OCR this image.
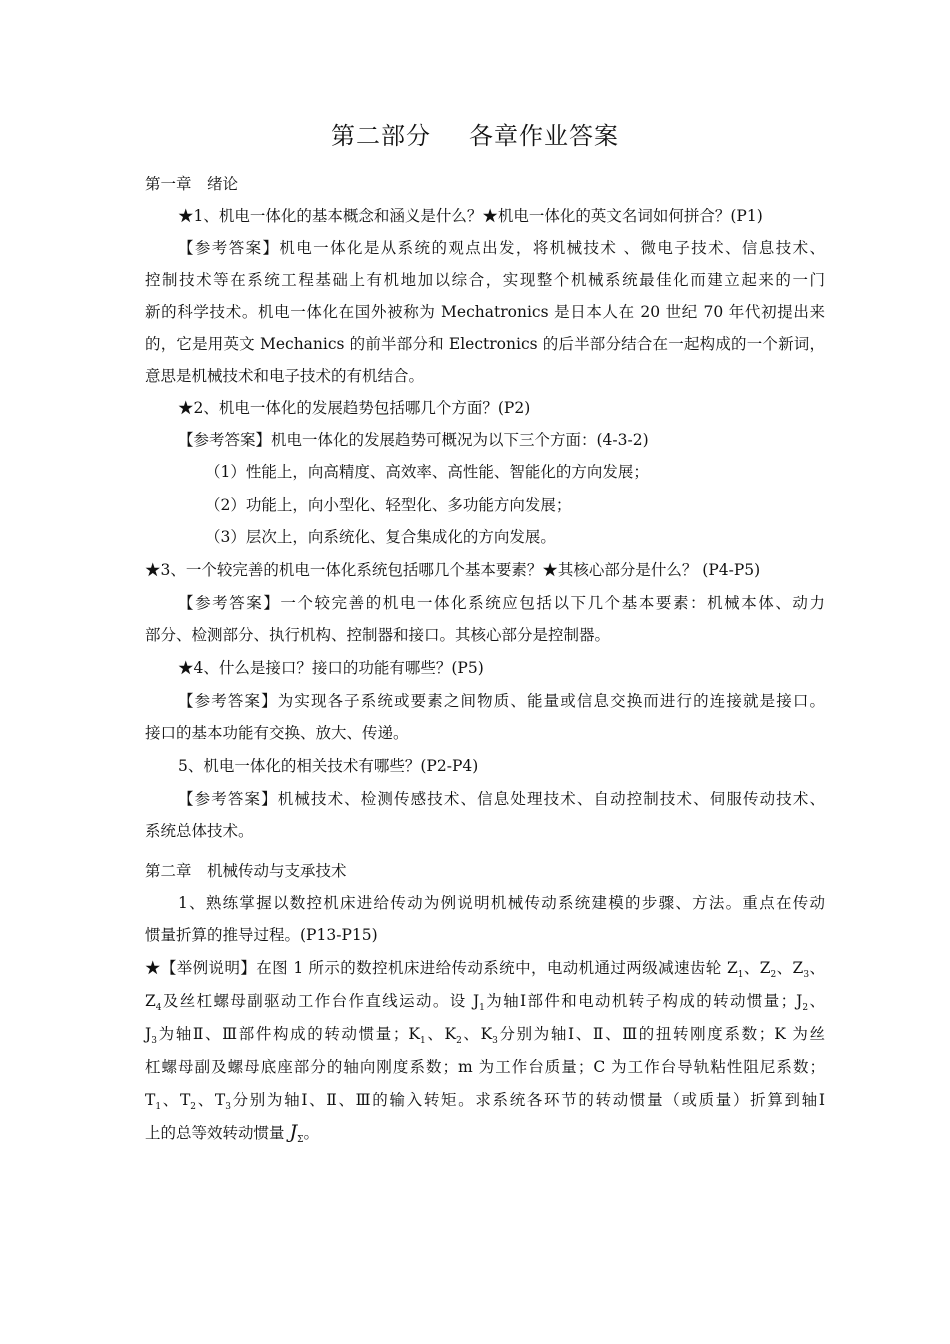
第二部分 各章作业答案
第一章　绪论
★1、机电一体化的基本概念和涵义是什么？★机电一体化的英文名词如何拼合？(P1)
【参考答案】机电一体化是从系统的观点出发，将机械技术 、微电子技术、信息技术、
控制技术等在系统工程基础上有机地加以综合，实现整个机械系统最佳化而建立起来的一门
新的科学技术。机电一体化在国外被称为 Mechatronics 是日本人在 20 世纪 70 年代初提出来
的，它是用英文 Mechanics 的前半部分和 Electronics 的后半部分结合在一起构成的一个新词，
意思是机械技术和电子技术的有机结合。
★2、机电一体化的发展趋势包括哪几个方面？(P2)
【参考答案】机电一体化的发展趋势可概况为以下三个方面：(4-3-2)
（1）性能上，向高精度、高效率、高性能、智能化的方向发展；
（2）功能上，向小型化、轻型化、多功能方向发展；
（3）层次上，向系统化、复合集成化的方向发展。
★3、一个较完善的机电一体化系统包括哪几个基本要素？★其核心部分是什么？ (P4-P5)
【参考答案】一个较完善的机电一体化系统应包括以下几个基本要素：机械本体、动力
部分、检测部分、执行机构、控制器和接口。其核心部分是控制器。
★4、什么是接口？接口的功能有哪些？(P5)
【参考答案】为实现各子系统或要素之间物质、能量或信息交换而进行的连接就是接口。
接口的基本功能有交换、放大、传递。
5、机电一体化的相关技术有哪些？(P2-P4)
【参考答案】机械技术、检测传感技术、信息处理技术、自动控制技术、伺服传动技术、
系统总体技术。
第二章　机械传动与支承技术
1、熟练掌握以数控机床进给传动为例说明机械传动系统建模的步骤、方法。重点在传动
惯量折算的推导过程。(P13-P15)
★【举例说明】在图 1 所示的数控机床进给传动系统中，电动机通过两级减速齿轮 $Z_1$、$Z_2$、$Z_3$、
$Z_4$及丝杠螺母副驱动工作台作直线运动。设 $J_1$为轴Ⅰ部件和电动机转子构成的转动惯量；$J_2$、
$J_3$为轴Ⅱ、Ⅲ部件构成的转动惯量；$K_1$、$K_2$、$K_3$分别为轴Ⅰ、Ⅱ、Ⅲ的扭转刚度系数；K 为丝
杠螺母副及螺母底座部分的轴向刚度系数；m 为工作台质量；C 为工作台导轨粘性阻尼系数；
$T_1$、$T_2$、$T_3$分别为轴Ⅰ、Ⅱ、Ⅲ的输入转矩。求系统各环节的转动惯量（或质量）折算到轴Ⅰ
上的总等效转动惯量 $J_\Sigma$。
